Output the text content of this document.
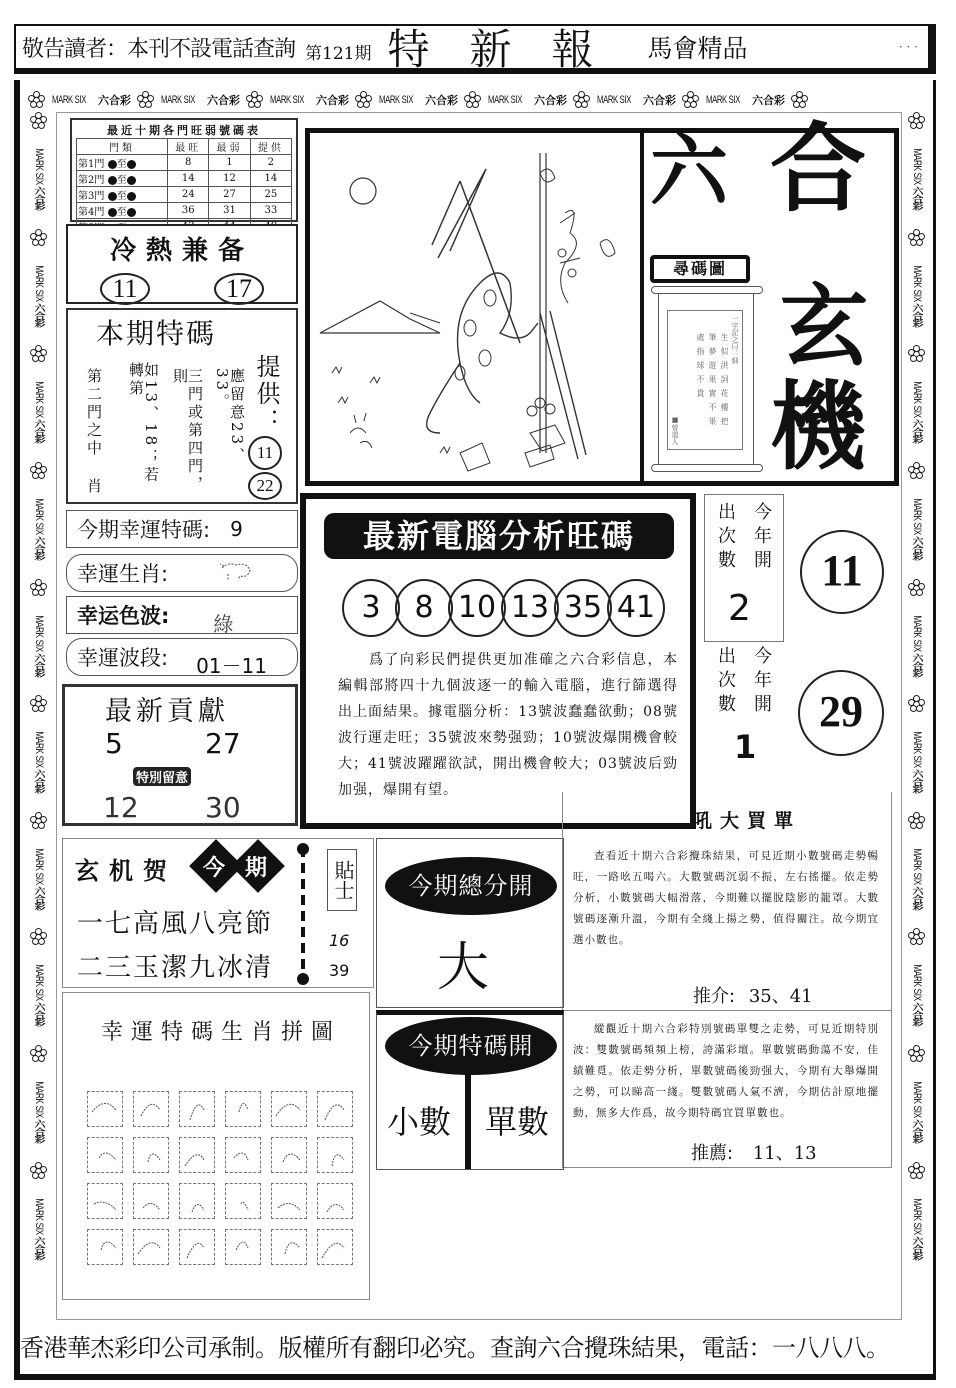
敬告讀者：本刊不設電話查詢 第121期 特新報 馬會精品	· · ·
MARK SIX	六合彩	MARK SIX	六合彩	MARK SIX	六合彩	MARK SIX	六合彩	MARK SIX	六合彩	MARK SIX	六合彩	MARK SIX	六合彩
MARK SIX 六合彩
MARK SIX 六合彩
MARK SIX 六合彩
MARK SIX 六合彩
MARK SIX 六合彩
MARK SIX 六合彩
MARK SIX 六合彩
MARK SIX 六合彩
MARK SIX 六合彩
MARK SIX 六合彩
MARK SIX 六合彩
MARK SIX 六合彩
MARK SIX 六合彩
MARK SIX 六合彩
MARK SIX 六合彩
MARK SIX 六合彩
MARK SIX 六合彩
MARK SIX 六合彩
MARK SIX 六合彩
MARK SIX 六合彩
最近十期各門旺弱號碼表
門類	最旺	最弱	提供
第1門 至	8	1	2
第2門 至	14	12	14
第3門 至	24	27	25
第4門 至	36	31	33

冷熱兼备
11	17
本期特碼
第二門之中
肖
如13、18；若轉第	三門或第四門，則	應留意23、33。 提供：
11
22
今期幸運特碼: 9
幸運生肖:
幸运色波: 綠
幸運波段: 01－11
最新貢獻
5	27
特別留意
12 30
六 合
玄
機
尋碼圖
一字記之曰：細
生似洪詞花樓把筆夢遊果實不果處指球不貴
■曾道人
最新電腦分析旺碼
3	8 10 13 35 41
　　爲了向彩民們提供更加准確之六合彩信息，本編輯部將四十九個波逐一的輸入電腦，進行篩選得出上面結果。據電腦分析：13號波蠢蠢欲動；08號波行運走旺；35號波來勢强勁；10號波爆開機會較大；41號波躍躍欲試，開出機會較大；03號波后勁加强，爆開有望。
今年開
出次數
2
11
今年開
出次數
1
29
吼大買單
查看近十期六合彩攪珠結果，可見近期小數號碼走勢暢旺，一路吆五喝六。大數號碼沉弱不振，左右搖擺。依走勢分析，小數號碼大幅滑落，今期難以擺脫陰影的籠罩。大數號碼逐漸升溫，今期有全綫上揚之勢，值得關注。故今期宜選小數也。
推介: 35、41
縱觀近十期六合彩特別號碼單雙之走勢，可見近期特別波：雙數號碼頻頻上榜，誇滿彩壇。單數號碼動蕩不安，佳績難覓。依走勢分析，單數號碼後勁强大，今期有大舉爆開之勢，可以睇高一綫。雙數號碼人氣不濟，今期估計原地擺動，無多大作爲，故今期特碼宜買單數也。
推薦: 11、13
今期總分開
大
今期特碼開
小數 單數
玄机贺 今 期
一七高風八亮節
二三玉潔九冰清
貼士
16
39
幸運特碼生肖拼圖
香港華杰彩印公司承制。版權所有翻印必究。查詢六合攪珠結果，電話：一八八八。
